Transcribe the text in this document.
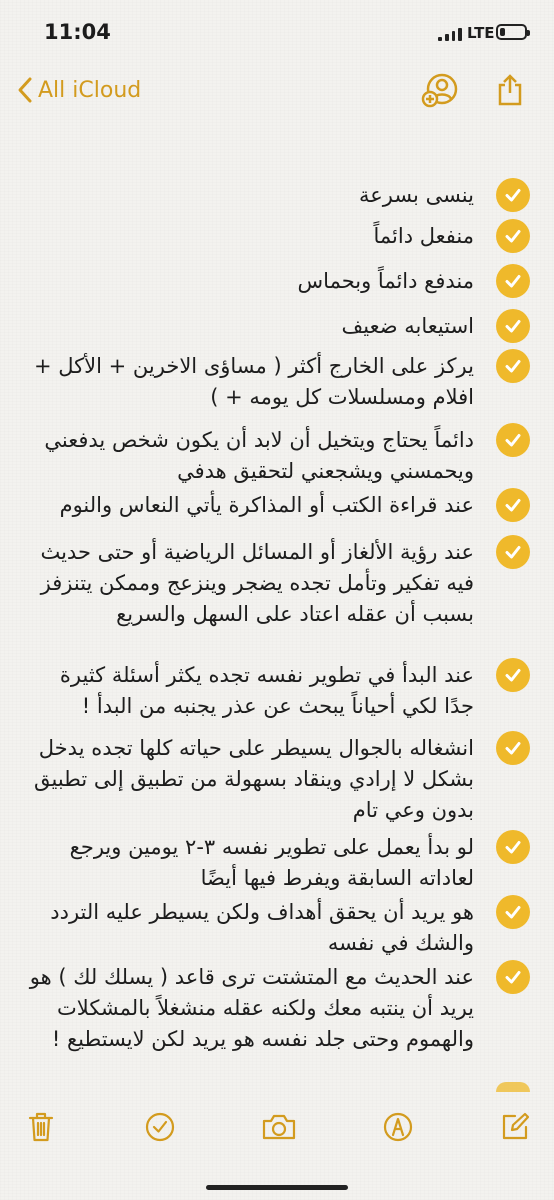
11:04	LTE
All iCloud
ينسى بسرعة
منفعل دائماً
مندفع دائماً وبحماس
استيعابه ضعيف
يركز على الخارج أكثر ( مساؤى الاخرين + الأكل + افلام ومسلسلات كل يومه + )
دائماً يحتاج ويتخيل أن لابد أن يكون شخص يدفعني ويحمسني ويشجعني لتحقيق هدفي
عند قراءة الكتب أو المذاكرة يأتي النعاس والنوم
عند رؤية الألغاز أو المسائل الرياضية أو حتى حديث فيه تفكير وتأمل تجده يضجر وينزعج وممكن يتنزفز بسبب أن عقله اعتاد على السهل والسريع
عند البدأ في تطوير نفسه تجده يكثر أسئلة كثيرة جدًا لكي أحياناً يبحث عن عذر يجنبه من البدأ !
انشغاله بالجوال يسيطر على حياته كلها تجده يدخل بشكل لا إرادي وينقاد بسهولة من تطبيق إلى تطبيق بدون وعي تام
لو بدأ يعمل على تطوير نفسه ٣-٢ يومين ويرجع لعاداته السابقة ويفرط فيها أيضًا
هو يريد أن يحقق أهداف ولكن يسيطر عليه التردد والشك في نفسه
عند الحديث مع المتشتت ترى قاعد ( يسلك لك ) هو يريد أن ينتبه معك ولكنه عقله منشغلاً بالمشكلات والهموم وحتى جلد نفسه هو يريد لكن لايستطيع !
